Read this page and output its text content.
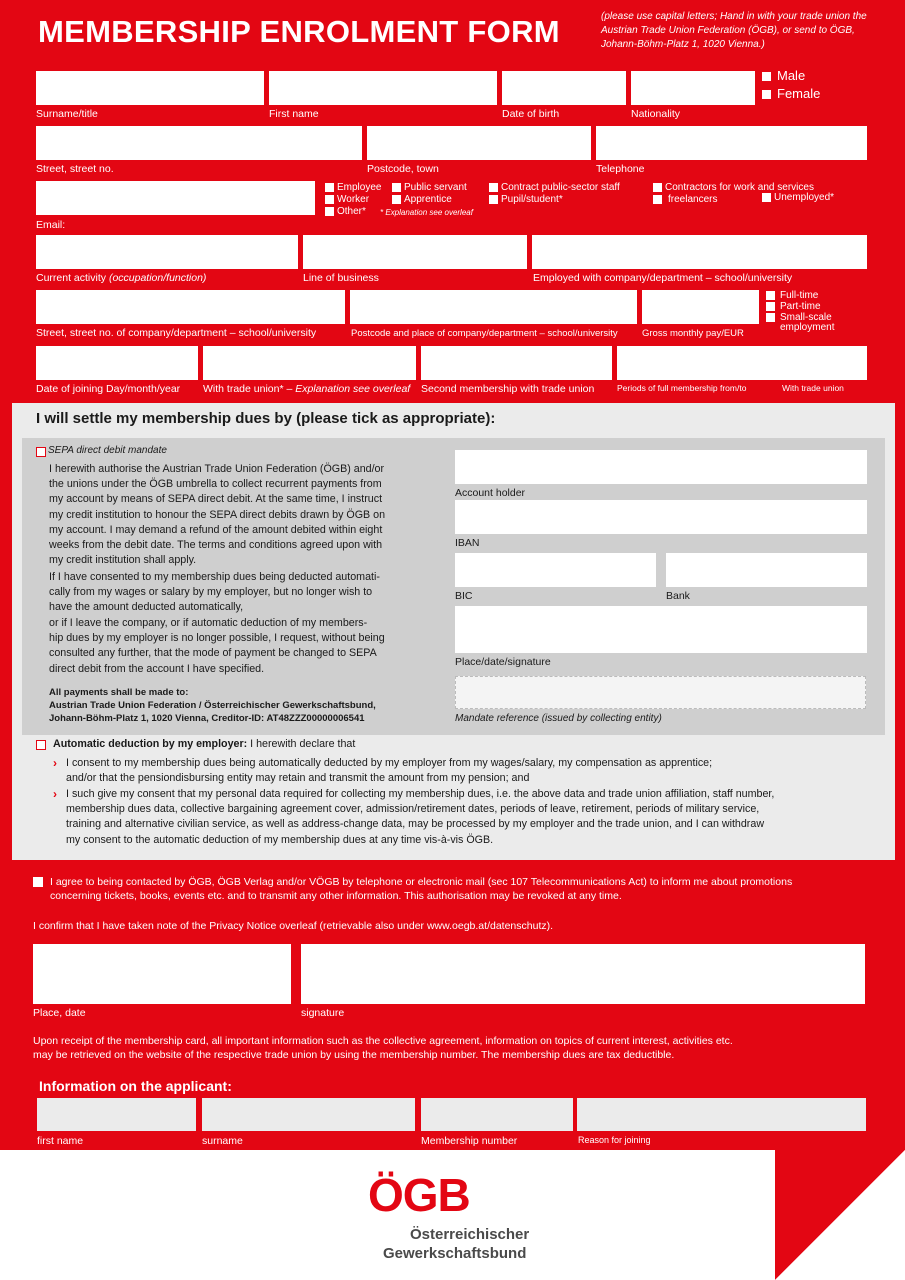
MEMBERSHIP ENROLMENT FORM	(please use capital letters; Hand in with your trade union the Austrian Trade Union Federation (ÖGB), or send to ÖGB, Johann-Böhm-Platz 1, 1020 Vienna.)
Surname/title	First name	Date of birth	Nationality
Male
Female
Street, street no.	Postcode, town	Telephone
Email:
Employee Public servant	Contract public-sector staff	Contractors for work and services
Worker	Apprentice	Pupil/student*	freelancers	Unemployed*
Other* * Explanation see overleaf
Current activity (occupation/function)	Line of business	Employed with company/department – school/university
Street, street no. of company/department – school/university	Postcode and place of company/department – school/university	Gross monthly pay/EUR
Full-time
Part-time
Small-scale
employment
Date of joining Day/month/year With trade union* – Explanation see overleaf Second membership with trade union	Periods of full membership from/to	With trade union
I will settle my membership dues by (please tick as appropriate):
SEPA direct debit mandate
I herewith authorise the Austrian Trade Union Federation (ÖGB) and/or
the unions under the ÖGB umbrella to collect recurrent payments from
my account by means of SEPA direct debit. At the same time, I instruct
my credit institution to honour the SEPA direct debits drawn by ÖGB on
my account. I may demand a refund of the amount debited within eight
weeks from the debit date. The terms and conditions agreed upon with
my credit institution shall apply.
If I have consented to my membership dues being deducted automati-
cally from my wages or salary by my employer, but no longer wish to
have the amount deducted automatically,
or if I leave the company, or if automatic deduction of my members-
hip dues by my employer is no longer possible, I request, without being
consulted any further, that the mode of payment be changed to SEPA
direct debit from the account I have specified.
All payments shall be made to:
Austrian Trade Union Federation / Österreichischer Gewerkschaftsbund,
Johann-Böhm-Platz 1, 1020 Vienna, Creditor-ID: AT48ZZZ00000006541
Account holder
IBAN
BIC	Bank
Place/date/signature
Mandate reference (issued by collecting entity)
Automatic deduction by my employer: I herewith declare that
› I consent to my membership dues being automatically deducted by my employer from my wages/salary, my compensation as apprentice;
and/or that the pensiondisbursing entity may retain and transmit the amount from my pension; and
› I such give my consent that my personal data required for collecting my membership dues, i.e. the above data and trade union affiliation, staff number,
membership dues data, collective bargaining agreement cover, admission/retirement dates, periods of leave, retirement, periods of military service,
training and alternative civilian service, as well as address-change data, may be processed by my employer and the trade union, and I can withdraw
my consent to the automatic deduction of my membership dues at any time vis-à-vis ÖGB.
I agree to being contacted by ÖGB, ÖGB Verlag and/or VÖGB by telephone or electronic mail (sec 107 Telecommunications Act) to inform me about promotions
concerning tickets, books, events etc. and to transmit any other information. This authorisation may be revoked at any time.
I confirm that I have taken note of the Privacy Notice overleaf (retrievable also under www.oegb.at/datenschutz).
Place, date	signature
Upon receipt of the membership card, all important information such as the collective agreement, information on topics of current interest, activities etc.
may be retrieved on the website of the respective trade union by using the membership number. The membership dues are tax deductible.
Information on the applicant:
first name	surname	Membership number	Reason for joining
ÖGB
Österreichischer
Gewerkschaftsbund
